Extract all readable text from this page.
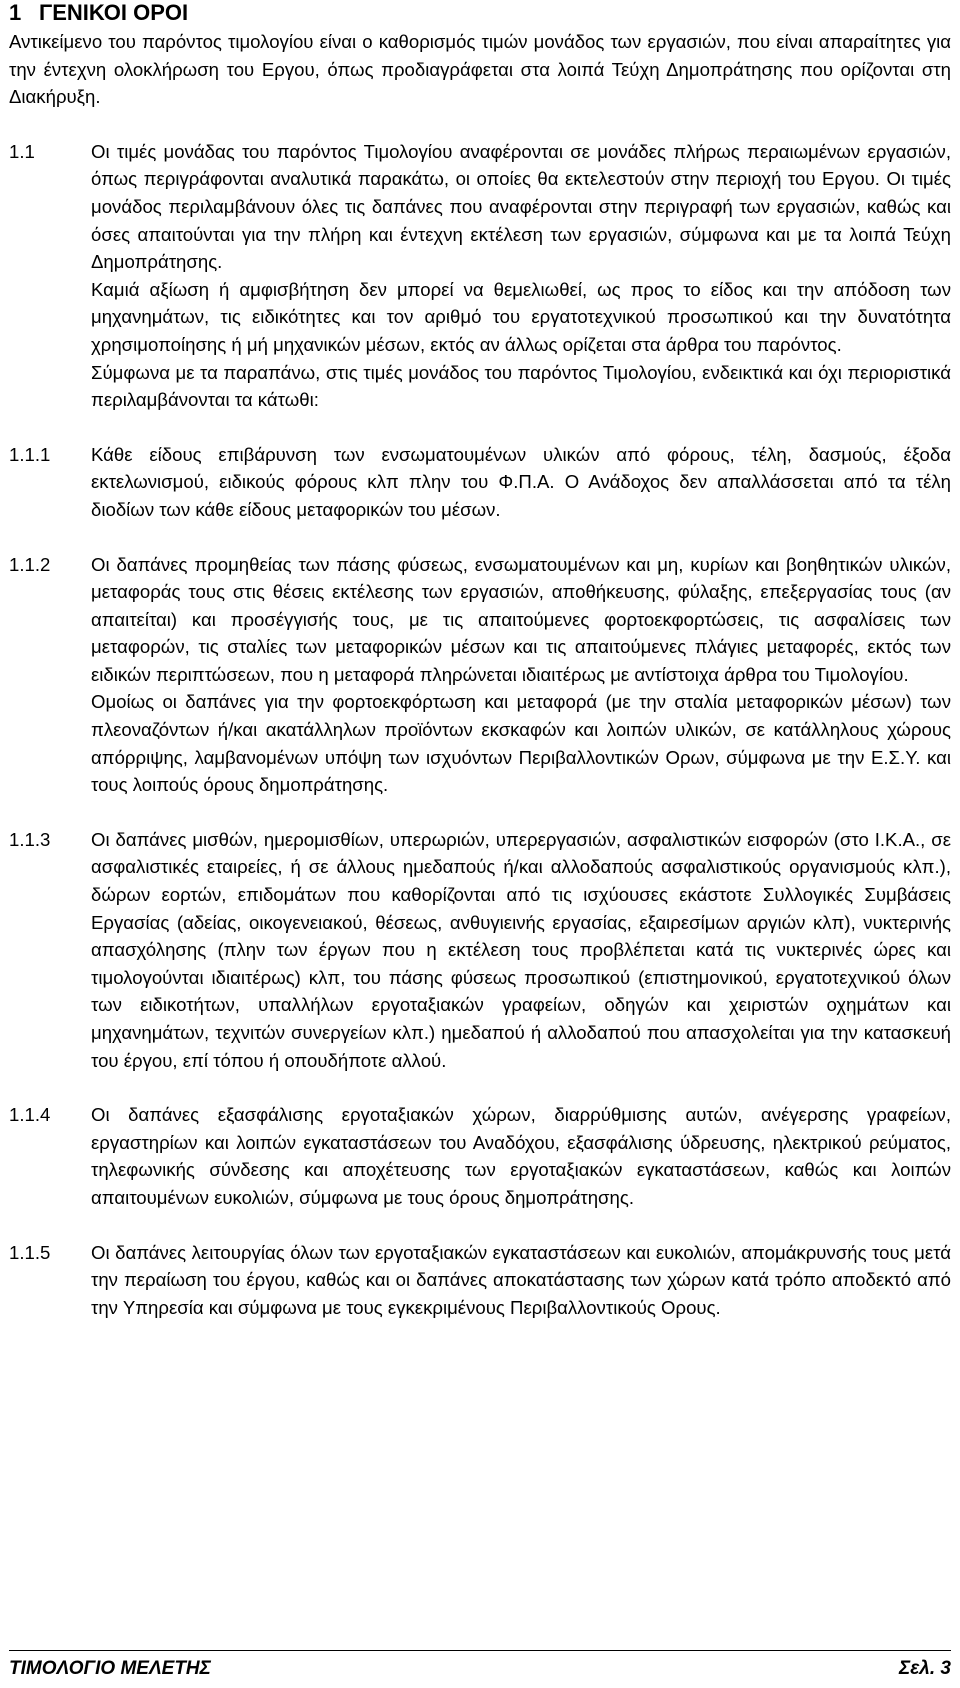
1 ΓΕΝΙΚΟΙ ΟΡΟΙ

Αντικείμενο του παρόντος τιμολογίου είναι ο καθορισμός τιμών μονάδος των εργασιών, που είναι απαραίτητες για την έντεχνη ολοκλήρωση του Εργου, όπως προδιαγράφεται στα λοιπά Τεύχη Δημοπράτησης που ορίζονται στη Διακήρυξη.

1.1	Οι τιμές μονάδας του παρόντος Τιμολογίου αναφέρονται σε μονάδες πλήρως περαιωμένων εργασιών, όπως περιγράφονται αναλυτικά παρακάτω, οι οποίες θα εκτελεστούν στην περιοχή του Εργου. Οι τιμές μονάδος περιλαμβάνουν όλες τις δαπάνες που αναφέρονται στην περιγραφή των εργασιών, καθώς και όσες απαιτούνται για την πλήρη και έντεχνη εκτέλεση των εργασιών, σύμφωνα και με τα λοιπά Τεύχη Δημοπράτησης.

Καμιά αξίωση ή αμφισβήτηση δεν μπορεί να θεμελιωθεί, ως προς το είδος και την απόδοση των μηχανημάτων, τις ειδικότητες και τον αριθμό του εργατοτεχνικού προσωπικού και την δυνατότητα χρησιμοποίησης ή μή μηχανικών μέσων, εκτός αν άλλως ορίζεται στα άρθρα του παρόντος.

Σύμφωνα με τα παραπάνω, στις τιμές μονάδος του παρόντος Τιμολογίου, ενδεικτικά και όχι περιοριστικά περιλαμβάνονται τα κάτωθι:

1.1.1	Κάθε είδους επιβάρυνση των ενσωματουμένων υλικών από φόρους, τέλη, δασμούς, έξοδα εκτελωνισμού, ειδικούς φόρους κλπ πλην του Φ.Π.Α. Ο Ανάδοχος δεν απαλλάσσεται από τα τέλη διοδίων των κάθε είδους μεταφορικών του μέσων.

1.1.2	Οι δαπάνες προμηθείας των πάσης φύσεως, ενσωματουμένων και μη, κυρίων και βοηθητικών υλικών, μεταφοράς τους στις θέσεις εκτέλεσης των εργασιών, αποθήκευσης, φύλαξης, επεξεργασίας τους (αν απαιτείται) και προσέγγισής τους, με τις απαιτούμενες φορτοεκφορτώσεις, τις ασφαλίσεις των μεταφορών, τις σταλίες των μεταφορικών μέσων και τις απαιτούμενες πλάγιες μεταφορές, εκτός των ειδικών περιπτώσεων, που η μεταφορά πληρώνεται ιδιαιτέρως με αντίστοιχα άρθρα του Τιμολογίου.

Ομοίως οι δαπάνες για την φορτοεκφόρτωση και μεταφορά (με την σταλία μεταφορικών μέσων) των πλεοναζόντων ή/και ακατάλληλων προϊόντων εκσκαφών και λοιπών υλικών, σε κατάλληλους χώρους απόρριψης, λαμβανομένων υπόψη των ισχυόντων Περιβαλλοντικών Ορων, σύμφωνα με την Ε.Σ.Υ. και τους λοιπούς όρους δημοπράτησης.

1.1.3	Οι δαπάνες μισθών, ημερομισθίων, υπερωριών, υπερεργασιών, ασφαλιστικών εισφορών (στο Ι.Κ.Α., σε ασφαλιστικές εταιρείες, ή σε άλλους ημεδαπούς ή/και αλλοδαπούς ασφαλιστικούς οργανισμούς κλπ.), δώρων εορτών, επιδομάτων που καθορίζονται από τις ισχύουσες εκάστοτε Συλλογικές Συμβάσεις Εργασίας (αδείας, οικογενειακού, θέσεως, ανθυγιεινής εργασίας, εξαιρεσίμων αργιών κλπ), νυκτερινής απασχόλησης (πλην των έργων που η εκτέλεση τους προβλέπεται κατά τις νυκτερινές ώρες και τιμολογούνται ιδιαιτέρως) κλπ, του πάσης φύσεως προσωπικού (επιστημονικού, εργατοτεχνικού όλων των ειδικοτήτων, υπαλλήλων εργοταξιακών γραφείων, οδηγών και χειριστών οχημάτων και μηχανημάτων, τεχνιτών συνεργείων κλπ.) ημεδαπού ή αλλοδαπού που απασχολείται για την κατασκευή του έργου, επί τόπου ή οπουδήποτε αλλού.

1.1.4	Οι δαπάνες εξασφάλισης εργοταξιακών χώρων, διαρρύθμισης αυτών, ανέγερσης γραφείων, εργαστηρίων και λοιπών εγκαταστάσεων του Αναδόχου, εξασφάλισης ύδρευσης, ηλεκτρικού ρεύματος, τηλεφωνικής σύνδεσης και αποχέτευσης των εργοταξιακών εγκαταστάσεων, καθώς και λοιπών απαιτουμένων ευκολιών, σύμφωνα με τους όρους δημοπράτησης.

1.1.5	Οι δαπάνες λειτουργίας όλων των εργοταξιακών εγκαταστάσεων και ευκολιών, απομάκρυνσής τους μετά την περαίωση του έργου, καθώς και οι δαπάνες αποκατάστασης των χώρων κατά τρόπο αποδεκτό από την Υπηρεσία και σύμφωνα με τους εγκεκριμένους Περιβαλλοντικούς Ορους.

ΤΙΜΟΛΟΓΙΟ ΜΕΛΕΤΗΣ	Σελ. 3
